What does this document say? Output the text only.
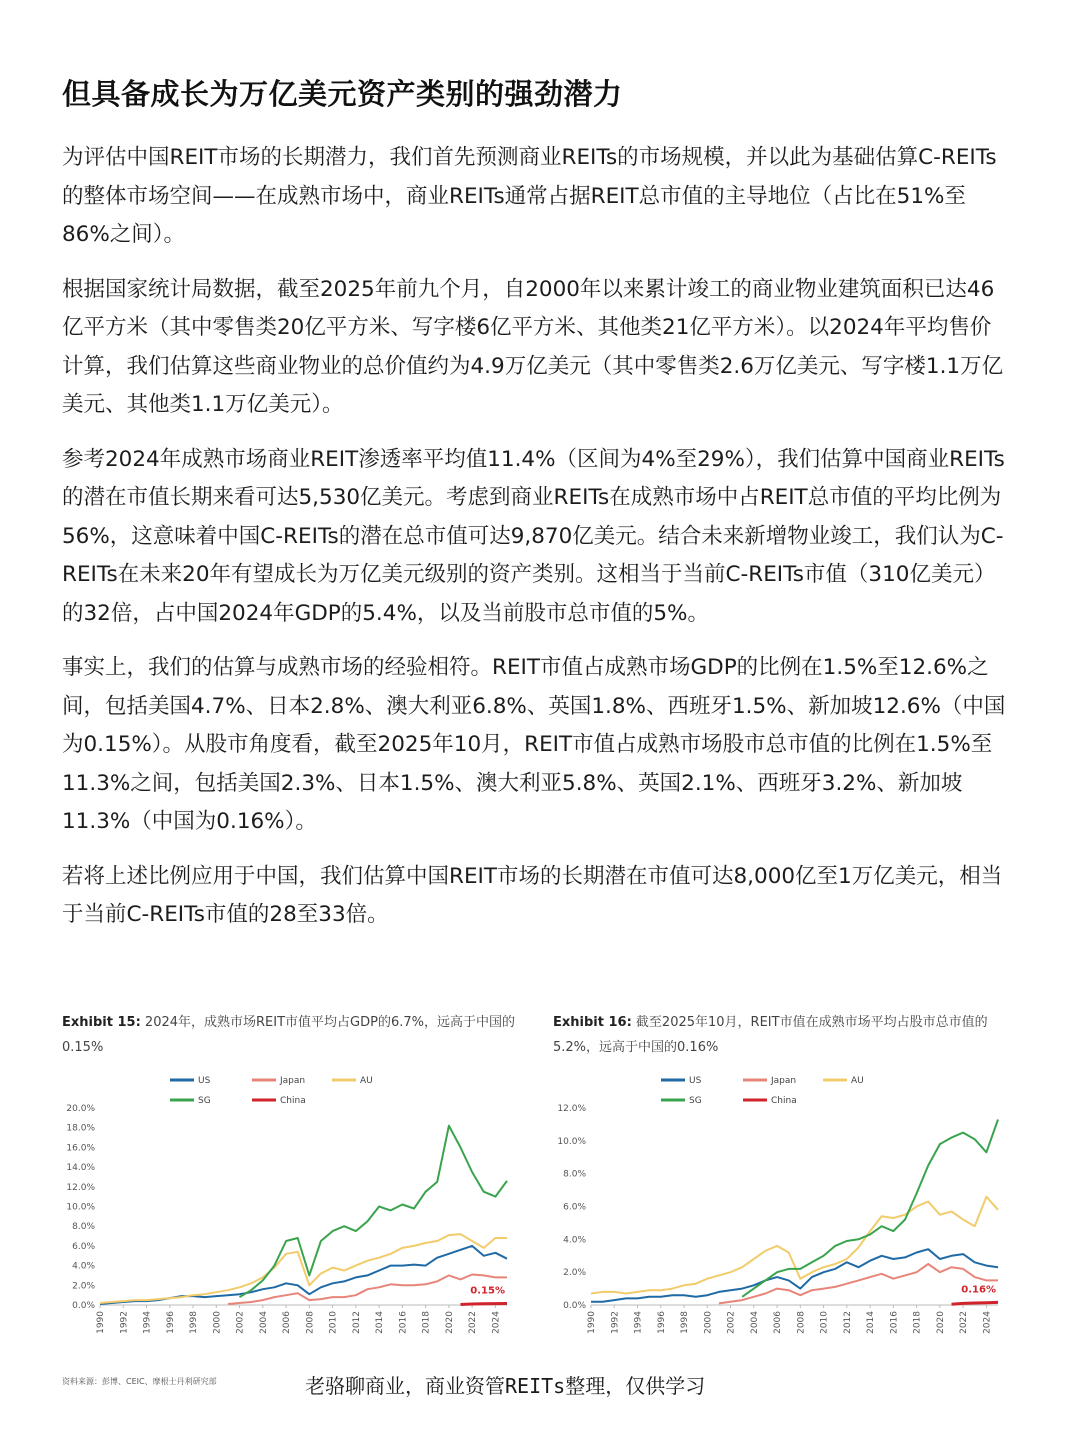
但具备成长为万亿美元资产类别的强劲潜力

为评估中国REIT市场的长期潜力，我们首先预测商业REITs的市场规模，并以此为基础估算C-REITs的整体市场空间——在成熟市场中，商业REITs通常占据REIT总市值的主导地位（占比在51%至86%之间）。

根据国家统计局数据，截至2025年前九个月，自2000年以来累计竣工的商业物业建筑面积已达46亿平方米（其中零售类20亿平方米、写字楼6亿平方米、其他类21亿平方米）。以2024年平均售价计算，我们估算这些商业物业的总价值约为4.9万亿美元（其中零售类2.6万亿美元、写字楼1.1万亿美元、其他类1.1万亿美元）。

参考2024年成熟市场商业REIT渗透率平均值11.4%（区间为4%至29%），我们估算中国商业REITs的潜在市值长期来看可达5,530亿美元。考虑到商业REITs在成熟市场中占REIT总市值的平均比例为56%，这意味着中国C-REITs的潜在总市值可达9,870亿美元。结合未来新增物业竣工，我们认为C-REITs在未来20年有望成长为万亿美元级别的资产类别。这相当于当前C-REITs市值（310亿美元）的32倍，占中国2024年GDP的5.4%，以及当前股市总市值的5%。

事实上，我们的估算与成熟市场的经验相符。REIT市值占成熟市场GDP的比例在1.5%至12.6%之间，包括美国4.7%、日本2.8%、澳大利亚6.8%、英国1.8%、西班牙1.5%、新加坡12.6%（中国为0.15%）。从股市角度看，截至2025年10月，REIT市值占成熟市场股市总市值的比例在1.5%至11.3%之间，包括美国2.3%、日本1.5%、澳大利亚5.8%、英国2.1%、西班牙3.2%、新加坡11.3%（中国为0.16%）。

若将上述比例应用于中国，我们估算中国REIT市场的长期潜在市值可达8,000亿至1万亿美元，相当于当前C-REITs市值的28至33倍。

Exhibit 15: 2024年，成熟市场REIT市值平均占GDP的6.7%，远高于中国的0.15%
0.0%
2.0%
4.0%
6.0%
8.0%
10.0%
12.0%
14.0%
16.0%
18.0%
20.0%
1990 1992 1994 1996 1998 2000 2002 2004 2006 2008 2010 2012 2014 2016 2018 2020 2022 2024
0.15%
US	Japan	AU
SG	China
Exhibit 16: 截至2025年10月，REIT市值在成熟市场平均占股市总市值的5.2%，远高于中国的0.16%
0.0%
2.0%
4.0%
6.0%
8.0%
10.0%
12.0%
1990 1992 1994 1996 1998 2000 2002 2004 2006 2008 2010 2012 2014 2016 2018 2020 2022 2024
0.16%
US	Japan	AU
SG	China
资料来源：彭博、CEIC、摩根士丹利研究部	老骆聊商业，商业资管REITs整理，仅供学习
